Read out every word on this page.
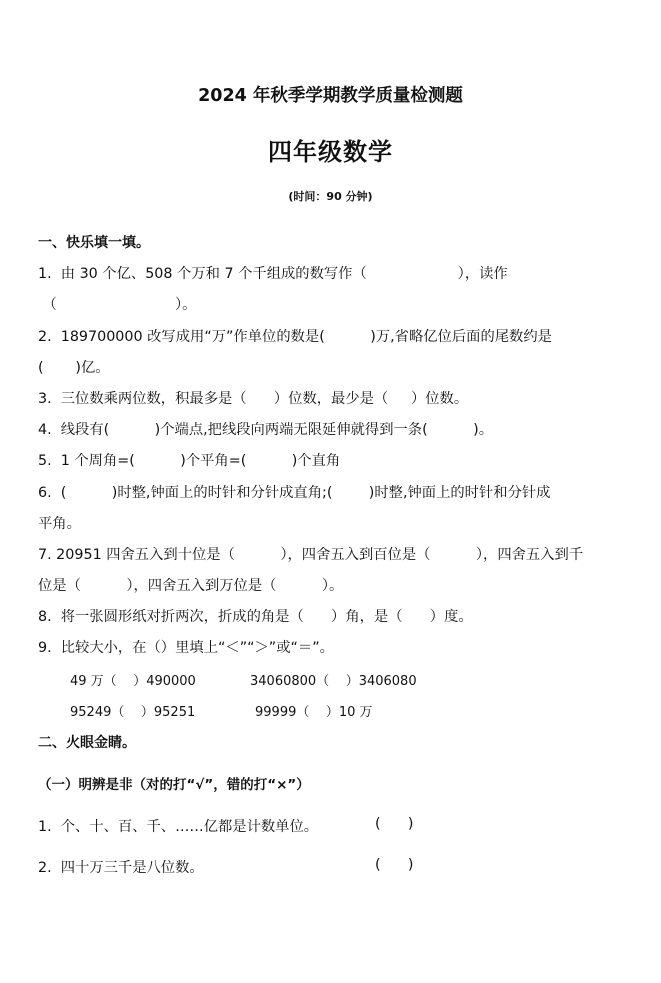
2024 年秋季学期教学质量检测题
四年级数学
(时间：90 分钟)
一、快乐填一填。
1.  由 30 个亿、508 个万和 7 个千组成的数写作（                    ），读作
（                          ）。
2.  189700000 改写成用“万”作单位的数是(          )万,省略亿位后面的尾数约是
(       )亿。
3.  三位数乘两位数，积最多是（      ）位数，最少是（     ）位数。
4.  线段有(          )个端点,把线段向两端无限延伸就得到一条(          )。
5.  1 个周角=(          )个平角=(          )个直角
6.  (          )时整,钟面上的时针和分针成直角;(        )时整,钟面上的时针和分针成
平角。
7. 20951 四舍五入到十位是（          ），四舍五入到百位是（          ），四舍五入到千
位是（          ），四舍五入到万位是（          ）。
8.  将一张圆形纸对折两次，折成的角是（      ）角，是（      ）度。
9.  比较大小，在（）里填上“＜”“＞”或“＝”。
49 万（    ）490000	34060800（    ）3406080
95249（    ）95251	99999（    ）10 万
二、火眼金睛。
（一）明辨是非（对的打“√”，错的打“×”）
1.  个、十、百、千、……亿都是计数单位。	(      )
2.  四十万三千是八位数。	(      )
